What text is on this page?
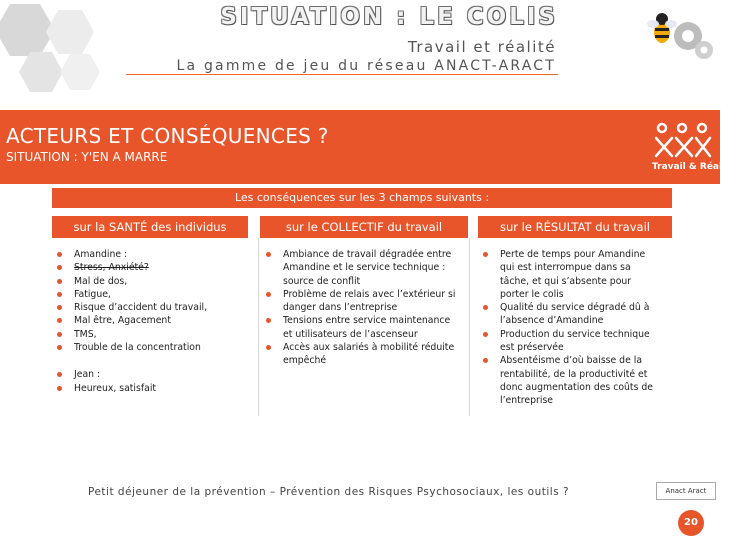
SITUATION : LE COLIS
Travail et réalité
La gamme de jeu du réseau ANACT-ARACT
ACTEURS ET CONSÉQUENCES ?
SITUATION : Y'EN A MARRE
Travail & Réalités
Les conséquences sur les 3 champs suivants :
sur la SANTÉ des individus	sur le COLLECTIF du travail	sur le RÉSULTAT du travail
Amandine :
Stress, Anxiété?
Mal de dos,
Fatigue,
Risque d’accident du travail,
Mal être, Agacement
TMS,
Trouble de la concentration
Jean :
Heureux, satisfait
Ambiance de travail dégradée entre Amandine et le service technique : source de conflit
Problème de relais avec l’extérieur si danger dans l’entreprise
Tensions entre service maintenance et utilisateurs de l’ascenseur
Accès aux salariés à mobilité réduite empêché
Perte de temps pour Amandine qui est interrompue dans sa tâche, et qui s’absente pour porter le colis
Qualité du service dégradé dû à l’absence d’Amandine
Production du service technique est préservée
Absentéisme d’où baisse de la rentabilité, de la productivité et donc augmentation des coûts de l’entreprise
Petit déjeuner de la prévention – Prévention des Risques Psychosociaux, les outils ?	Anact Aract
20
